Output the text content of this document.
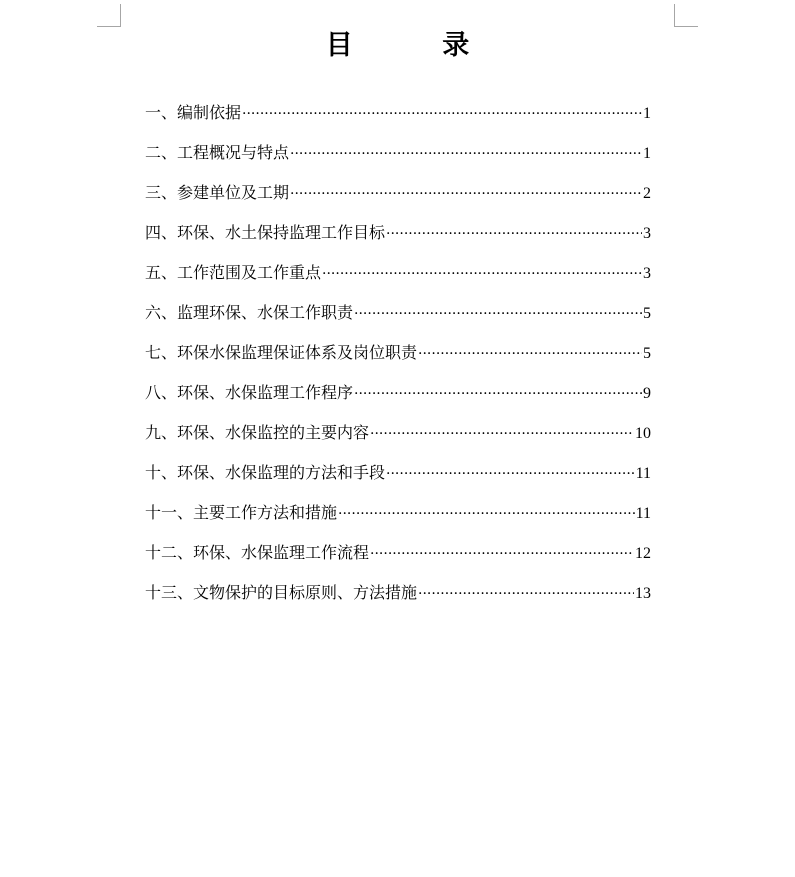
目 录
一、编制依据 ·····	1
二、工程概况与特点 ·····	1
三、参建单位及工期 ·····	2
四、环保、水土保持监理工作目标 ·····	3
五、工作范围及工作重点 ·····	3
六、监理环保、水保工作职责 ·····	5
七、环保水保监理保证体系及岗位职责 ·····	5
八、环保、水保监理工作程序 ·····	9
九、环保、水保监控的主要内容 ·····	10
十、环保、水保监理的方法和手段 ·····	11
十一、主要工作方法和措施 ·····	11
十二、环保、水保监理工作流程 ·····	12
十三、文物保护的目标原则、方法措施 ·····	13
